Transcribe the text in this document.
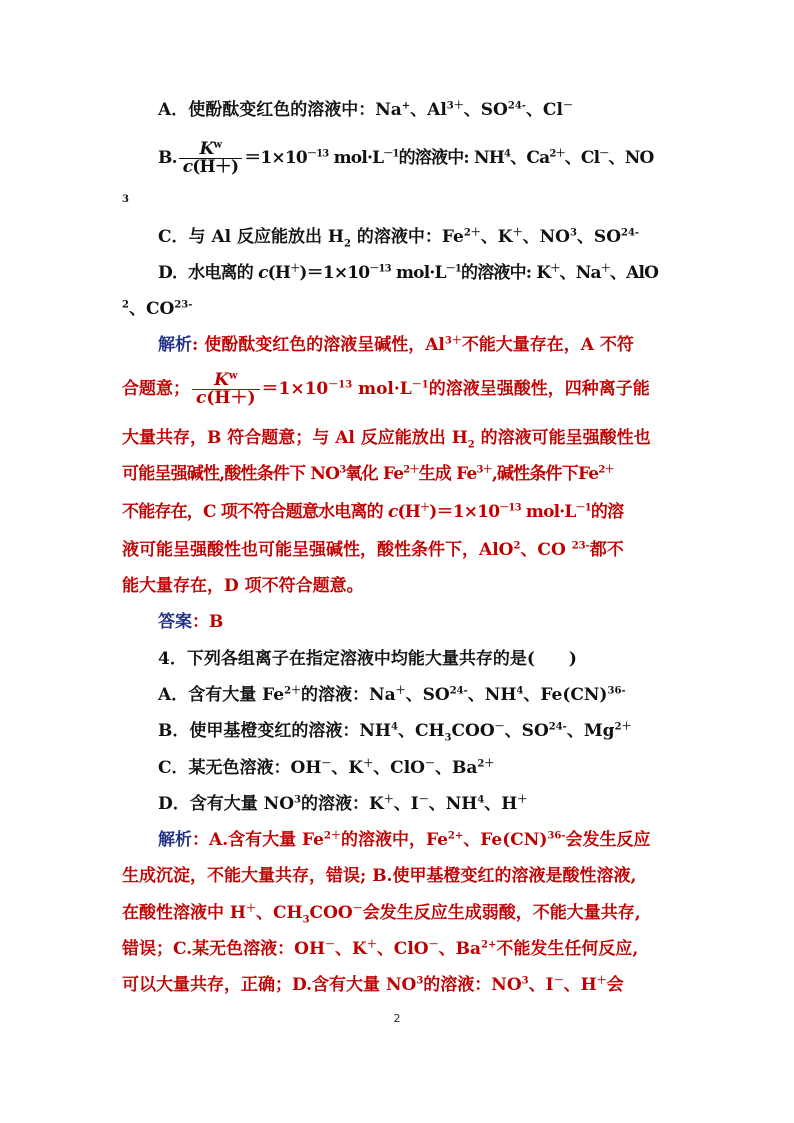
A．使酚酞变红色的溶液中：Na+、$Al^{3+}$、$SO^{24-}$、Cl－
B. $\frac{K^w}{c(H+)} =1\times 10^{-13}$ $mol\cdot L^{-1}$的溶液中: $NH^4$、$Ca^{2+}$、Cl－、NO
3
C．与 Al 反应能放出 $H_2$ 的溶液中：$Fe^{2+}$、K＋、$NO^3$、$SO^{24-}$
D．水电离的 $c(H^+)=1\times 10^{-13}$ $mol\cdot L^{-1}$的溶液中: K＋、Na＋、AlO
$^2$、$CO^{23-}$
解析: 使酚酞变红色的溶液呈碱性，$Al^{3+}$不能大量存在，A 不符
合题意； $\frac{K^w}{c(H+)} =1\times 10^{-13}$ $mol\cdot L^{-1}$的溶液呈强酸性，四种离子能
大量共存，B 符合题意；与 Al 反应能放出 $H_2$ 的溶液可能呈强酸性也
可能呈强碱性,酸性条件下 $NO^3$氧化 $Fe^{2+}$生成 $Fe^{3+}$,碱性条件下$Fe^{2+}$
不能存在，C 项不符合题意水电离的 $c(H^+)=1\times 10^{-13}$ $mol\cdot L^{-1}$的溶
液可能呈强酸性也可能呈强碱性，酸性条件下，AlO$^2$、CO $^{23-}$都不
能大量存在，D 项不符合题意。
答案：B
4．下列各组离子在指定溶液中均能大量共存的是(　　)
A．含有大量 $Fe^{2+}$的溶液：Na＋、$SO^{24-}$、$NH^4$、Fe(CN)$^{36-}$
B．使甲基橙变红的溶液：$NH^4$、$CH_3COO^-$、$SO^{24-}$、$Mg^{2+}$
C．某无色溶液：OH－、K＋、ClO－、$Ba^{2+}$
D．含有大量 $NO^3$的溶液：K＋、I－、$NH^4$、H＋
解析：A.含有大量 $Fe^{2+}$的溶液中，$Fe^{2+}$、Fe(CN)$^{36-}$会发生反应
生成沉淀，不能大量共存，错误; B.使甲基橙变红的溶液是酸性溶液,
在酸性溶液中 H＋、$CH_3COO^-$会发生反应生成弱酸，不能大量共存,
错误；C.某无色溶液：OH－、K＋、ClO－、$Ba^{2+}$不能发生任何反应,
可以大量共存，正确；D.含有大量 $NO^3$的溶液：$NO^3$、I－、H＋会
2
